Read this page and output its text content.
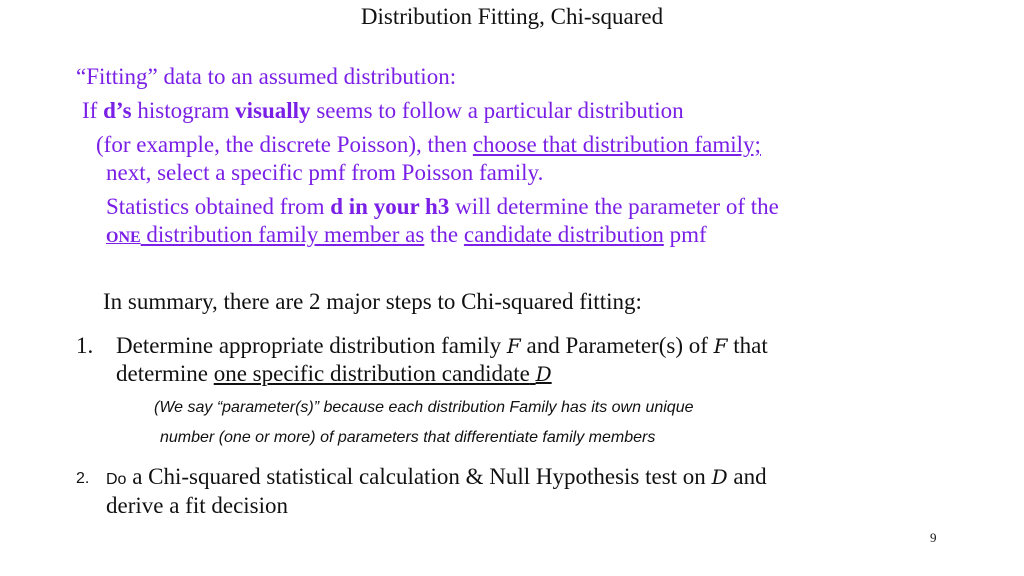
Distribution Fitting, Chi-squared
“Fitting” data to an assumed distribution:
If d’s histogram visually seems to follow a particular distribution
(for example, the discrete Poisson), then choose that distribution family;
next, select a specific pmf from Poisson family.
Statistics obtained from d in your h3 will determine the parameter of the
ONE distribution family member as the candidate distribution pmf
In summary, there are 2 major steps to Chi-squared fitting:
1. Determine appropriate distribution family F and Parameter(s) of F that
determine one specific distribution candidate D
(We say “parameter(s)” because each distribution Family has its own unique
number (one or more) of parameters that differentiate family members
2. Do a Chi-squared statistical calculation & Null Hypothesis test on D and
derive a fit decision
9
